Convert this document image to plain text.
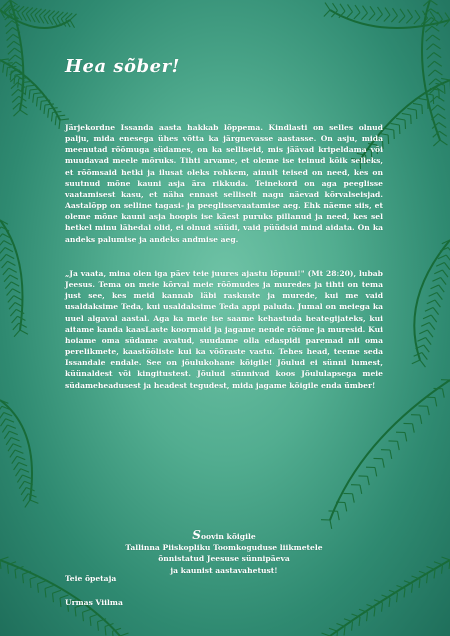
Hea sõber!

Järjekordne Issanda aasta hakkab lõppema. Kindlasti on selles olnud palju, mida enesega ühes võtta ka järgnevasse aastasse. On asju, mida meenutad rõõmuga südames, on ka selliseid, mis jäävad kripeldama või muudavad meele mõruks. Tihti arvame, et oleme ise teinud kõik selleks, et rõõmsaid hetki ja ilusat oleks rohkem, ainult teised on need, kes on suutnud mõne kauni asja ära rikkuda. Teinekord on aga peeglisse vaatamisest kasu, et näha ennast selliselt nagu näevad kõrvalseisjad. Aastalõpp on selline tagasi- ja peeglissevaatamise aeg. Ehk näeme siis, et oleme mõne kauni asja hoopis ise käest puruks pillanud ja need, kes sel hetkel minu lähedal olid, ei olnud süüdi, vaid püüdsid mind aidata. On ka andeks palumise ja andeks andmise aeg.

„Ja vaata, mina olen iga päev teie juures ajastu lõpuni!" (Mt 28:20), lubab Jeesus. Tema on meie kõrval meie rõõmudes ja muredes ja tihti on tema just see, kes meid kannab läbi raskuste ja murede, kui me vaid usaldaksime Teda, kui usaldaksime Teda appi paluda. Jumal on meiega ka uuel algaval aastal. Aga ka meie ise saame kehastuda heategijateks, kui aitame kanda kaasLaste koormaid ja jagame nende rõõme ja muresid. Kui hoiame oma südame avatud, suudame olla edaspidi paremad nii oma perelikmete, kaastööliste kui ka võõraste vastu. Tehes head, teeme seda Issandale endale. See on jõulukohane kõigile! Jõulud ei sünni lumest, küünaldest või kingitustest. Jõulud sünnivad koos Jõululapsega meie südameheadusest ja headest tegudest, mida jagame kõigile enda ümber!

Soovin kõigile
Tallinna Piiskopliku Toomkoguduse liikmetele
õnnistatud Jeesuse sünnipäeva
ja kaunist aastavahetust!
Teie õpetaja
Urmas Viilma
